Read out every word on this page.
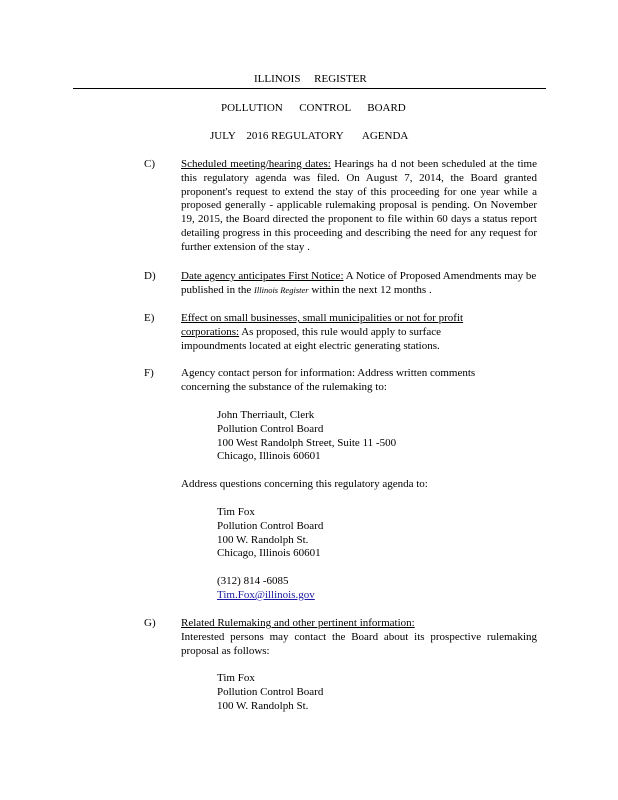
ILLINOIS     REGISTER
POLLUTION      CONTROL      BOARD
JULY    2016 REGULATORY       AGENDA
C) Scheduled meeting/hearing dates: Hearings ha d not been scheduled at the time this regulatory agenda was filed. On August 7, 2014, the Board granted proponent's request to extend the stay of this proceeding for one year while a proposed generally - applicable rulemaking proposal is pending. On November 19, 2015, the Board directed the proponent to file within 60 days a status report detailing progress in this proceeding and describing the need for any request for further extension of the stay .
D) Date agency anticipates First Notice: A Notice of Proposed Amendments may be published in the Illinois Register within the next 12 months .
E) Effect on small businesses, small municipalities or not for profit corporations: As proposed, this rule would apply to surface impoundments located at eight electric generating stations.
F) Agency contact person for information: Address written comments concerning the substance of the rulemaking to:
John Therriault, Clerk
Pollution Control Board
100 West Randolph Street, Suite 11 -500
Chicago, Illinois 60601
Address questions concerning this regulatory agenda to:
Tim Fox
Pollution Control Board
100 W. Randolph St.
Chicago, Illinois 60601
(312) 814 -6085
Tim.Fox@illinois.gov
G) Related Rulemaking and other pertinent information:
Interested persons may contact the Board about its prospective rulemaking proposal as follows:
Tim Fox
Pollution Control Board
100 W. Randolph St.
